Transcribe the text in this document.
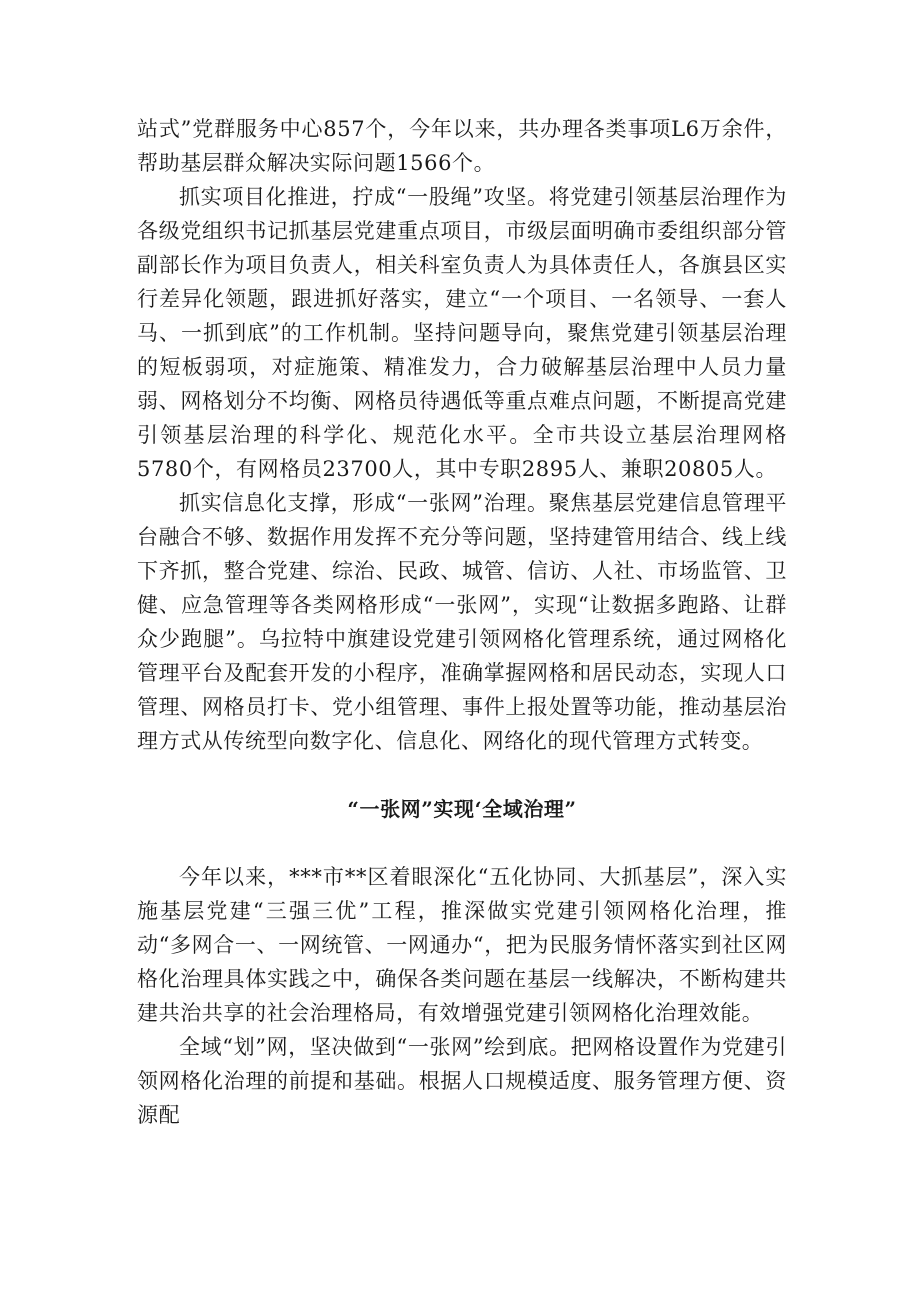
站式”党群服务中心857个，今年以来，共办理各类事项L6万余件，帮助基层群众解决实际问题1566个。

抓实项目化推进，拧成“一股绳”攻坚。将党建引领基层治理作为各级党组织书记抓基层党建重点项目，市级层面明确市委组织部分管副部长作为项目负责人，相关科室负责人为具体责任人，各旗县区实行差异化领题，跟进抓好落实，建立“一个项目、一名领导、一套人马、一抓到底”的工作机制。坚持问题导向，聚焦党建引领基层治理的短板弱项，对症施策、精准发力，合力破解基层治理中人员力量弱、网格划分不均衡、网格员待遇低等重点难点问题，不断提高党建引领基层治理的科学化、规范化水平。全市共设立基层治理网格5780个，有网格员23700人，其中专职2895人、兼职20805人。

抓实信息化支撑，形成“一张网”治理。聚焦基层党建信息管理平台融合不够、数据作用发挥不充分等问题，坚持建管用结合、线上线下齐抓，整合党建、综治、民政、城管、信访、人社、市场监管、卫健、应急管理等各类网格形成“一张网”，实现“让数据多跑路、让群众少跑腿”。乌拉特中旗建设党建引领网格化管理系统，通过网格化管理平台及配套开发的小程序，准确掌握网格和居民动态，实现人口管理、网格员打卡、党小组管理、事件上报处置等功能，推动基层治理方式从传统型向数字化、信息化、网络化的现代管理方式转变。

“一张网”实现‘全域治理”

今年以来，***市**区着眼深化“五化协同、大抓基层”，深入实施基层党建“三强三优”工程，推深做实党建引领网格化治理，推动“多网合一、一网统管、一网通办“，把为民服务情怀落实到社区网格化治理具体实践之中，确保各类问题在基层一线解决，不断构建共建共治共享的社会治理格局，有效增强党建引领网格化治理效能。

全域“划”网，坚决做到“一张网”绘到底。把网格设置作为党建引领网格化治理的前提和基础。根据人口规模适度、服务管理方便、资源配
